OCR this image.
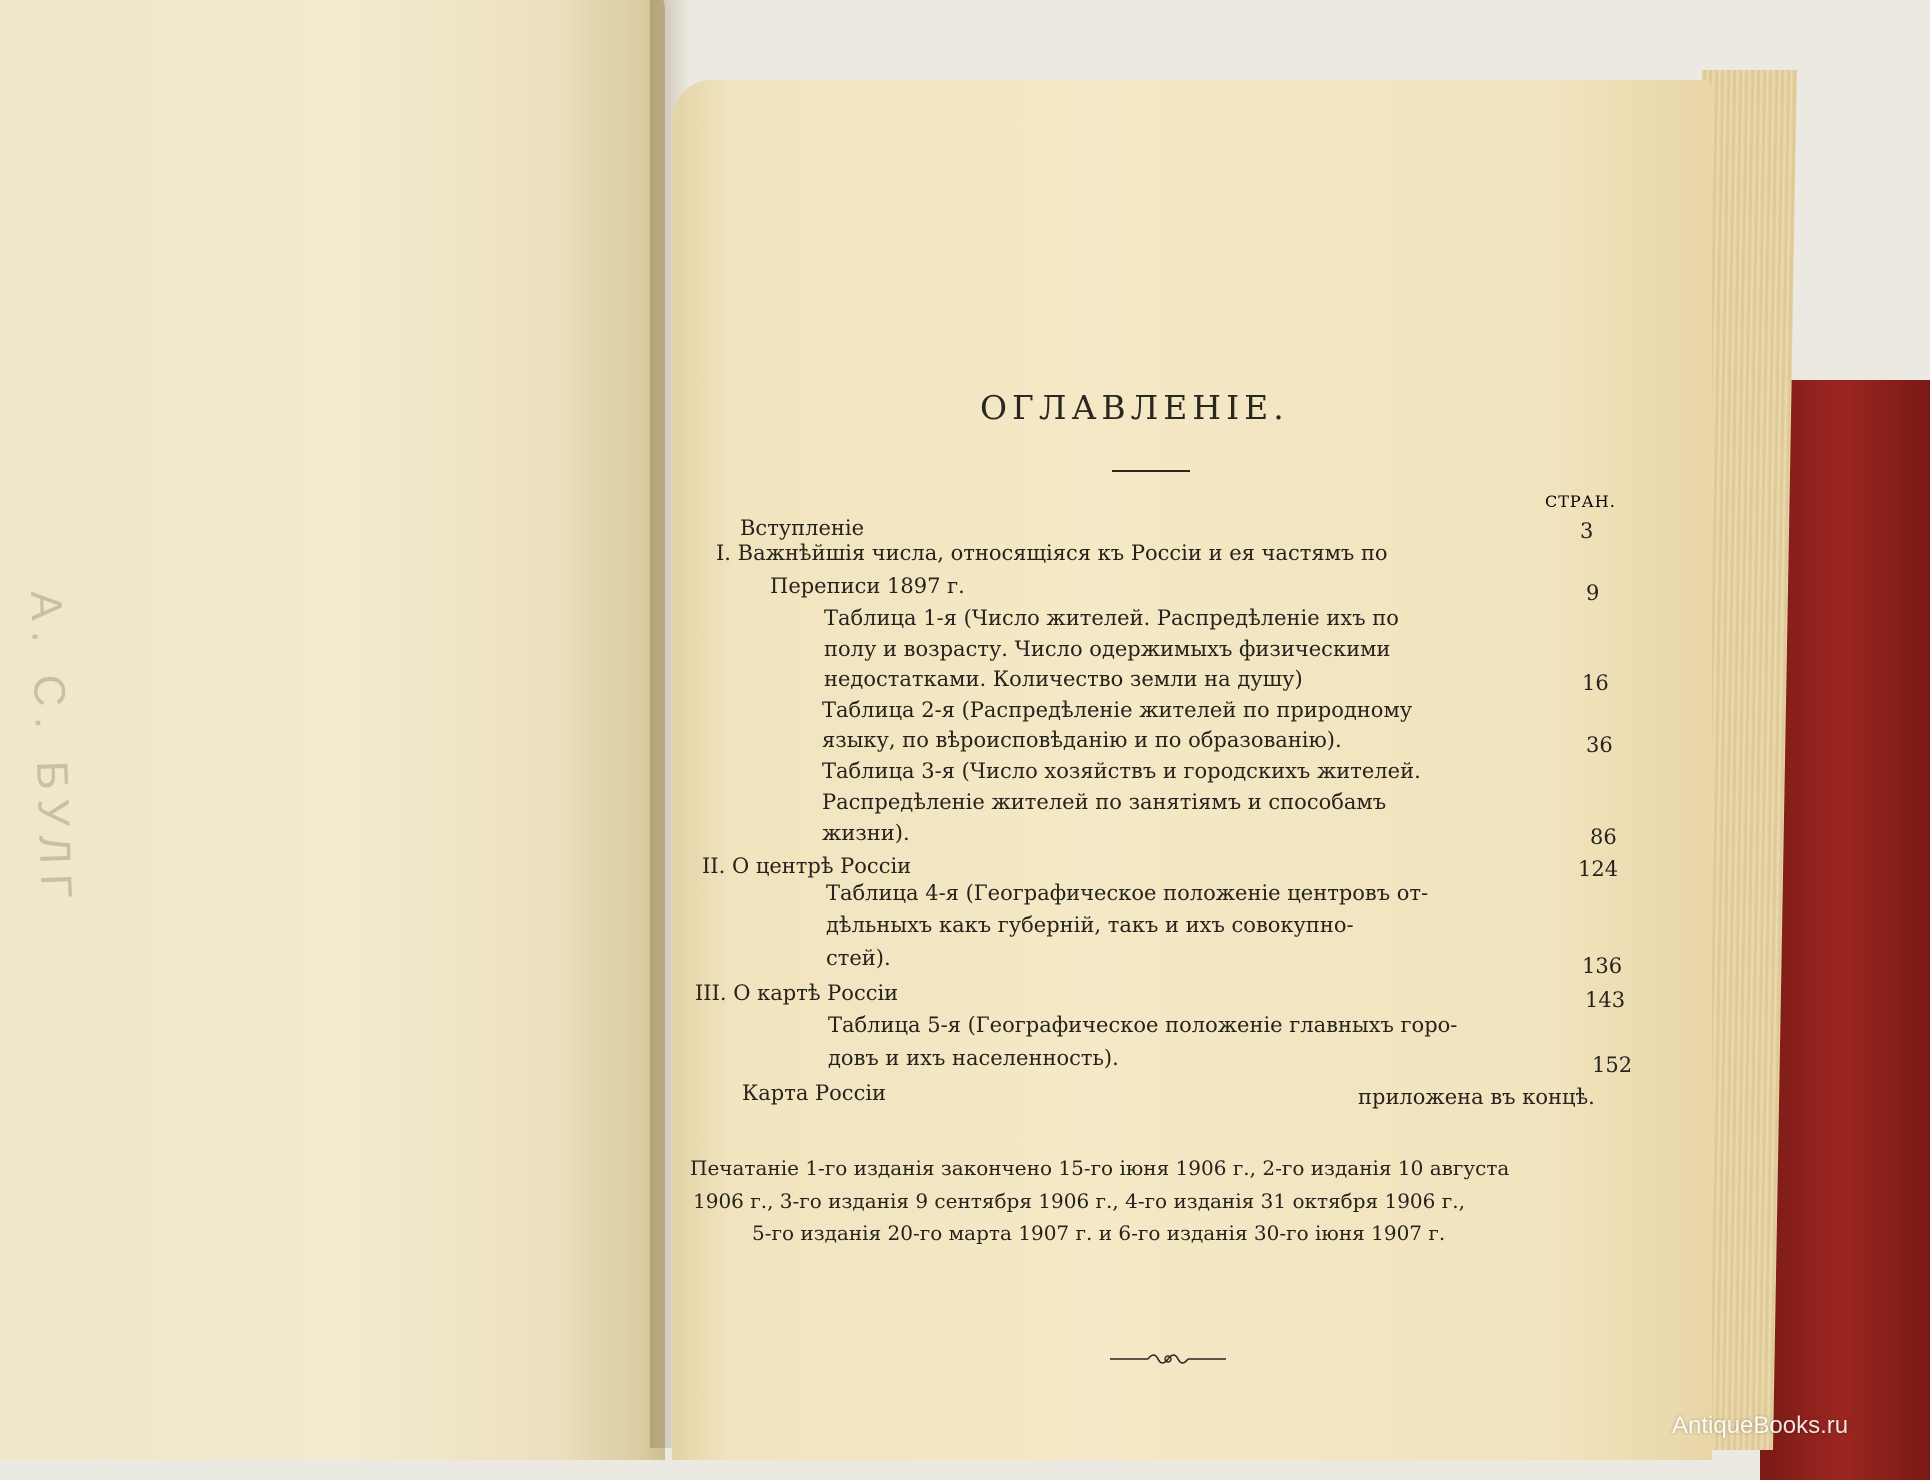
А. С. БУЛГ
ОГЛАВЛЕНІЕ.
СТРАН.
Вступленіе	3
I. Важнѣйшія числа, относящіяся къ Россіи и ея частямъ по
Переписи 1897 г.	9
Таблица 1-я (Число жителей. Распредѣленіе ихъ по
полу и возрасту. Число одержимыхъ физическими
недостатками. Количество земли на душу)	16
Таблица 2-я (Распредѣленіе жителей по природному
языку, по вѣроисповѣданію и по образованію).	36
Таблица 3-я (Число хозяйствъ и городскихъ жителей.
Распредѣленіе жителей по занятіямъ и способамъ
жизни).	86
II. О центрѣ Россіи	124
Таблица 4-я (Географическое положеніе центровъ от-
дѣльныхъ какъ губерній, такъ и ихъ совокупно-
стей).	136
III. О картѣ Россіи	143
Таблица 5-я (Географическое положеніе главныхъ горо-
довъ и ихъ населенность).	152
Карта Россіи	приложена въ концѣ.
Печатаніе 1-го изданія закончено 15-го іюня 1906 г., 2-го изданія 10 августа
1906 г., 3-го изданія 9 сентября 1906 г., 4-го изданія 31 октября 1906 г.,
5-го изданія 20-го марта 1907 г. и 6-го изданія 30-го іюня 1907 г.
AntiqueBooks.ru
